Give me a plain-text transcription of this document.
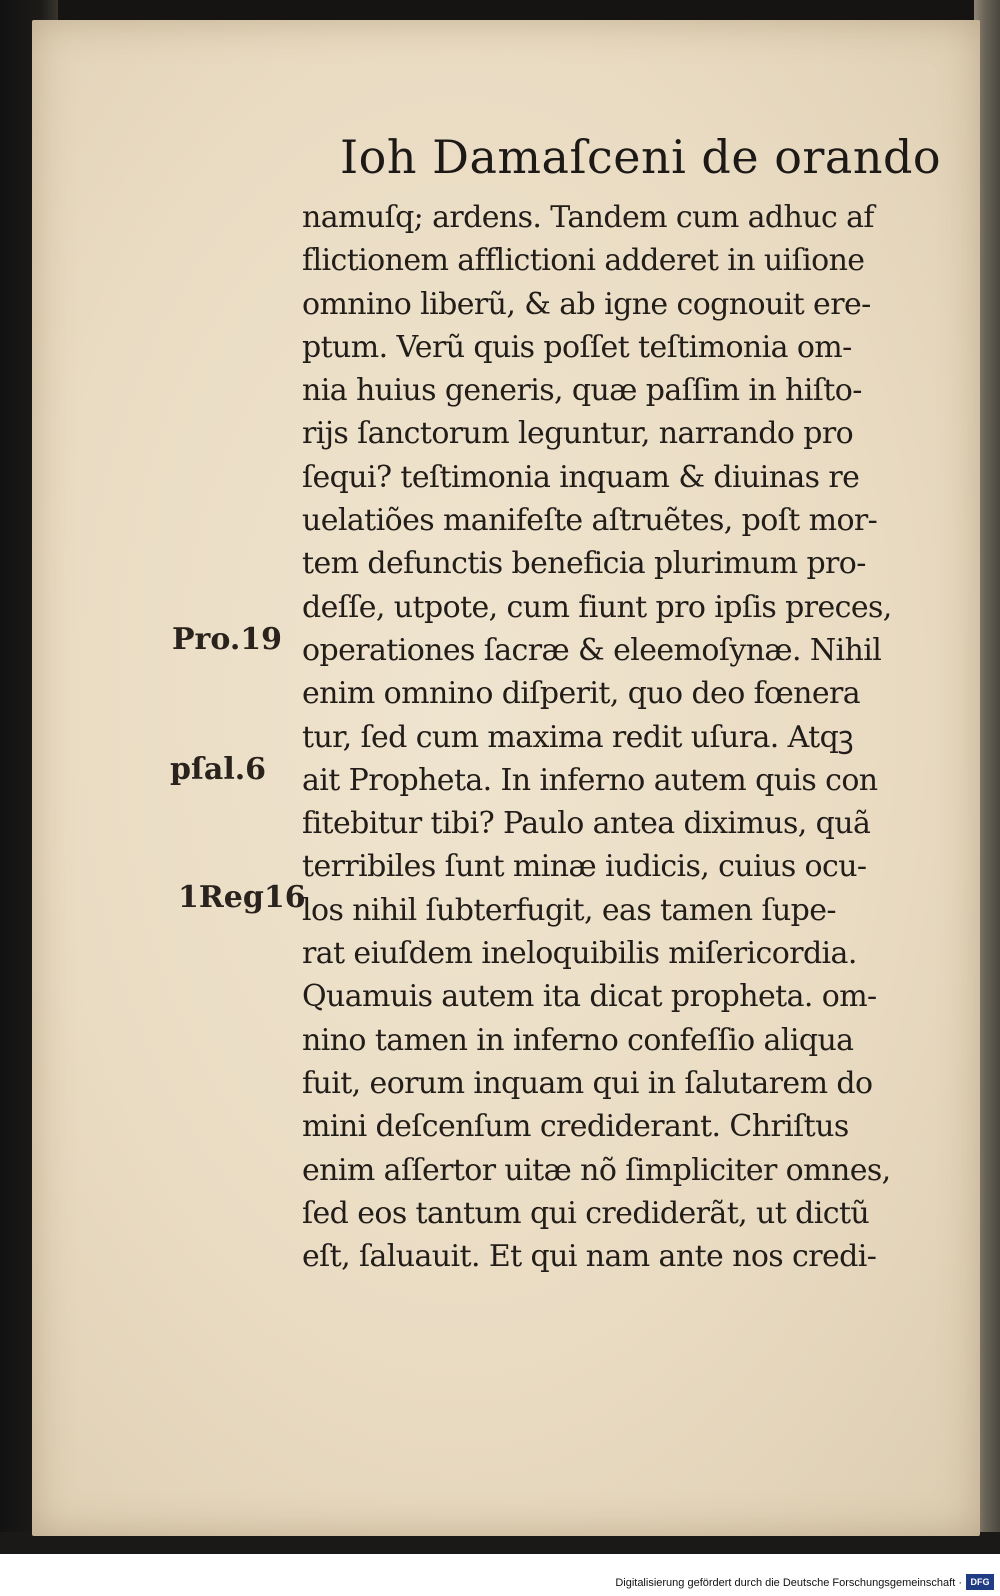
Ioh Damaſceni de orando
namuſq; ardens. Tandem cum adhuc af
flictionem afflictioni adderet in uiſione
omnino liberũ, & ab igne cognouit ere-
ptum. Verũ quis poſſet teſtimonia om-
nia huius generis, quæ paſſim in hiſto-
rijs ſanctorum leguntur, narrando pro
ſequi? teſtimonia inquam & diuinas re
uelatiões manifeſte aſtruẽtes, poſt mor-
tem defunctis beneficia plurimum pro-
deſſe, utpote, cum fiunt pro ipſis preces,
operationes ſacræ & eleemoſynæ. Nihil
enim omnino diſperit, quo deo fœnera
tur, ſed cum maxima redit uſura. Atqꝫ
ait Propheta. In inferno autem quis con
fitebitur tibi? Paulo antea diximus, quã
terribiles ſunt minæ iudicis, cuius ocu-
los nihil ſubterfugit, eas tamen ſupe-
rat eiuſdem ineloquibilis miſericordia.
Quamuis autem ita dicat propheta. om-
nino tamen in inferno confeſſio aliqua
fuit, eorum inquam qui in ſalutarem do
mini deſcenſum crediderant. Chriſtus
enim aſſertor uitæ nõ ſimpliciter omnes,
ſed eos tantum qui crediderãt, ut dictũ
eſt, ſaluauit. Et qui nam ante nos credi-
Pro.19
pſal.6
1Reg16
Digitalisierung gefördert durch die Deutsche Forschungsgemeinschaft · DFG
